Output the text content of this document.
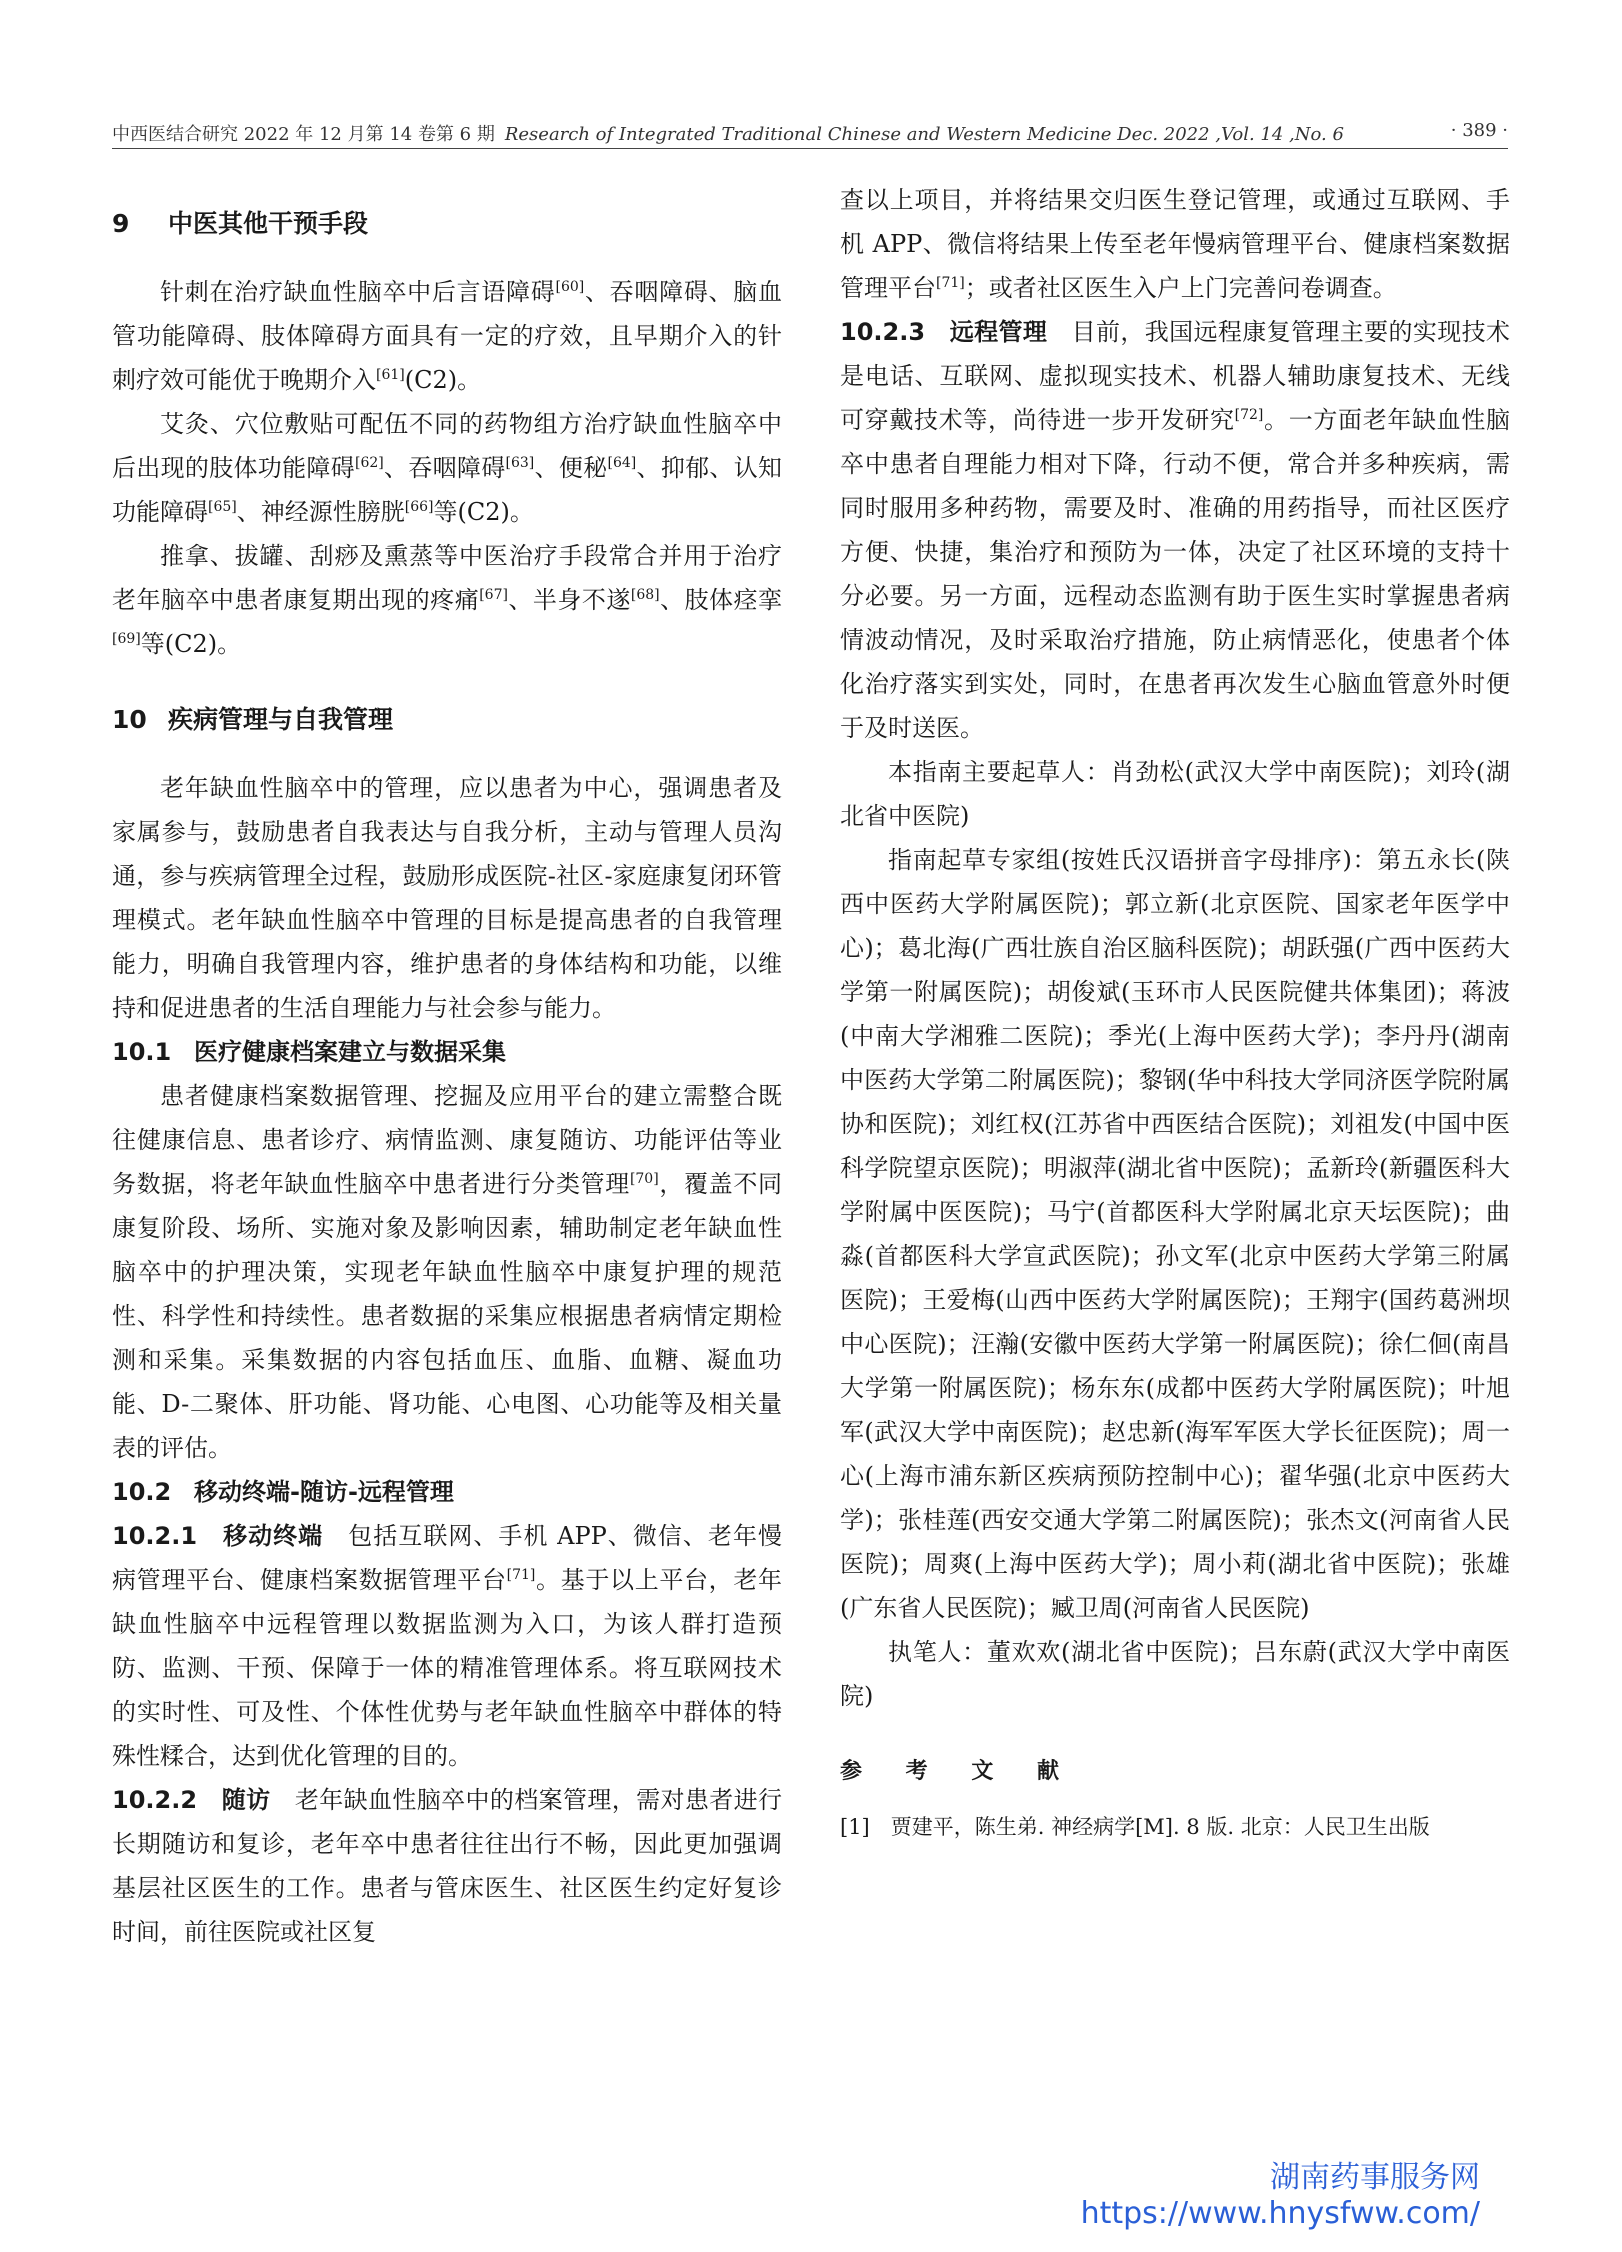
中西医结合研究 2022 年 12 月第 14 卷第 6 期 Research of Integrated Traditional Chinese and Western Medicine Dec. 2022 ,Vol. 14 ,No. 6	· 389 ·
9 中医其他干预手段

针刺在治疗缺血性脑卒中后言语障碍[60]、吞咽障碍、脑血管功能障碍、肢体障碍方面具有一定的疗效，且早期介入的针刺疗效可能优于晚期介入[61](C2)。

艾灸、穴位敷贴可配伍不同的药物组方治疗缺血性脑卒中后出现的肢体功能障碍[62]、吞咽障碍[63]、便秘[64]、抑郁、认知功能障碍[65]、神经源性膀胱[66]等(C2)。

推拿、拔罐、刮痧及熏蒸等中医治疗手段常合并用于治疗老年脑卒中患者康复期出现的疼痛[67]、半身不遂[68]、肢体痉挛[69]等(C2)。

10 疾病管理与自我管理

老年缺血性脑卒中的管理，应以患者为中心，强调患者及家属参与，鼓励患者自我表达与自我分析，主动与管理人员沟通，参与疾病管理全过程，鼓励形成医院-社区-家庭康复闭环管理模式。老年缺血性脑卒中管理的目标是提高患者的自我管理能力，明确自我管理内容，维护患者的身体结构和功能，以维持和促进患者的生活自理能力与社会参与能力。

10.1 医疗健康档案建立与数据采集

患者健康档案数据管理、挖掘及应用平台的建立需整合既往健康信息、患者诊疗、病情监测、康复随访、功能评估等业务数据，将老年缺血性脑卒中患者进行分类管理[70]，覆盖不同康复阶段、场所、实施对象及影响因素，辅助制定老年缺血性脑卒中的护理决策，实现老年缺血性脑卒中康复护理的规范性、科学性和持续性。患者数据的采集应根据患者病情定期检测和采集。采集数据的内容包括血压、血脂、血糖、凝血功能、D-二聚体、肝功能、肾功能、心电图、心功能等及相关量表的评估。

10.2 移动终端-随访-远程管理

10.2.1　移动终端　包括互联网、手机 APP、微信、老年慢病管理平台、健康档案数据管理平台[71]。基于以上平台，老年缺血性脑卒中远程管理以数据监测为入口，为该人群打造预防、监测、干预、保障于一体的精准管理体系。将互联网技术的实时性、可及性、个体性优势与老年缺血性脑卒中群体的特殊性糅合，达到优化管理的目的。

10.2.2　随访　老年缺血性脑卒中的档案管理，需对患者进行长期随访和复诊，老年卒中患者往往出行不畅，因此更加强调基层社区医生的工作。患者与管床医生、社区医生约定好复诊时间，前往医院或社区复

查以上项目，并将结果交归医生登记管理，或通过互联网、手机 APP、微信将结果上传至老年慢病管理平台、健康档案数据管理平台[71]；或者社区医生入户上门完善问卷调查。

10.2.3　远程管理　目前，我国远程康复管理主要的实现技术是电话、互联网、虚拟现实技术、机器人辅助康复技术、无线可穿戴技术等，尚待进一步开发研究[72]。一方面老年缺血性脑卒中患者自理能力相对下降，行动不便，常合并多种疾病，需同时服用多种药物，需要及时、准确的用药指导，而社区医疗方便、快捷，集治疗和预防为一体，决定了社区环境的支持十分必要。另一方面，远程动态监测有助于医生实时掌握患者病情波动情况，及时采取治疗措施，防止病情恶化，使患者个体化治疗落实到实处，同时，在患者再次发生心脑血管意外时便于及时送医。

本指南主要起草人：肖劲松(武汉大学中南医院)；刘玲(湖北省中医院)

指南起草专家组(按姓氏汉语拼音字母排序)：第五永长(陕西中医药大学附属医院)；郭立新(北京医院、国家老年医学中心)；葛北海(广西壮族自治区脑科医院)；胡跃强(广西中医药大学第一附属医院)；胡俊斌(玉环市人民医院健共体集团)；蒋波(中南大学湘雅二医院)；季光(上海中医药大学)；李丹丹(湖南中医药大学第二附属医院)；黎钢(华中科技大学同济医学院附属协和医院)；刘红权(江苏省中西医结合医院)；刘祖发(中国中医科学院望京医院)；明淑萍(湖北省中医院)；孟新玲(新疆医科大学附属中医医院)；马宁(首都医科大学附属北京天坛医院)；曲淼(首都医科大学宣武医院)；孙文军(北京中医药大学第三附属医院)；王爱梅(山西中医药大学附属医院)；王翔宇(国药葛洲坝中心医院)；汪瀚(安徽中医药大学第一附属医院)；徐仁佪(南昌大学第一附属医院)；杨东东(成都中医药大学附属医院)；叶旭军(武汉大学中南医院)；赵忠新(海军军医大学长征医院)；周一心(上海市浦东新区疾病预防控制中心)；翟华强(北京中医药大学)；张桂莲(西安交通大学第二附属医院)；张杰文(河南省人民医院)；周爽(上海中医药大学)；周小莉(湖北省中医院)；张雄(广东省人民医院)；臧卫周(河南省人民医院)

执笔人：董欢欢(湖北省中医院)；吕东蔚(武汉大学中南医院)

参 考 文 献
[1]　贾建平，陈生弟. 神经病学[M]. 8 版. 北京：人民卫生出版
湖南药事服务网
https://www.hnysfww.com/
